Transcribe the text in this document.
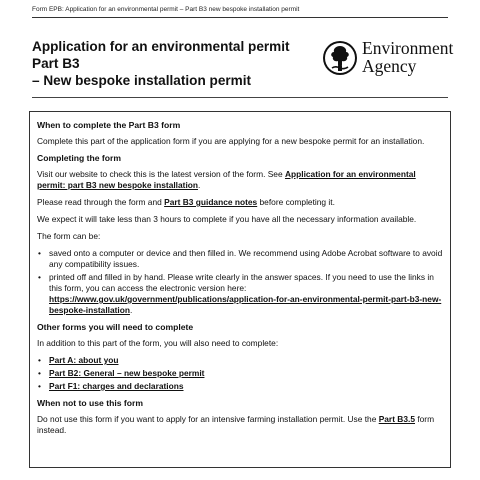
Form EPB: Application for an environmental permit – Part B3 new bespoke installation permit
Application for an environmental permit Part B3
– New bespoke installation permit
Environment
Agency
When to complete the Part B3 form

Complete this part of the application form if you are applying for a new bespoke permit for an installation.

Completing the form

Visit our website to check this is the latest version of the form. See Application for an environmental permit: part B3 new bespoke installation.

Please read through the form and Part B3 guidance notes before completing it.

We expect it will take less than 3 hours to complete if you have all the necessary information available.

The form can be:

• saved onto a computer or device and then filled in. We recommend using Adobe Acrobat software to avoid any compatibility issues.
• printed off and filled in by hand. Please write clearly in the answer spaces. If you need to use the links in this form, you can access the electronic version here: https://www.gov.uk/government/publications/application-for-an-environmental-permit-part-b3-new-bespoke-installation.
Other forms you will need to complete

In addition to this part of the form, you will also need to complete:

• Part A: about you
• Part B2: General – new bespoke permit
• Part F1: charges and declarations
When not to use this form

Do not use this form if you want to apply for an intensive farming installation permit. Use the Part B3.5 form instead.
